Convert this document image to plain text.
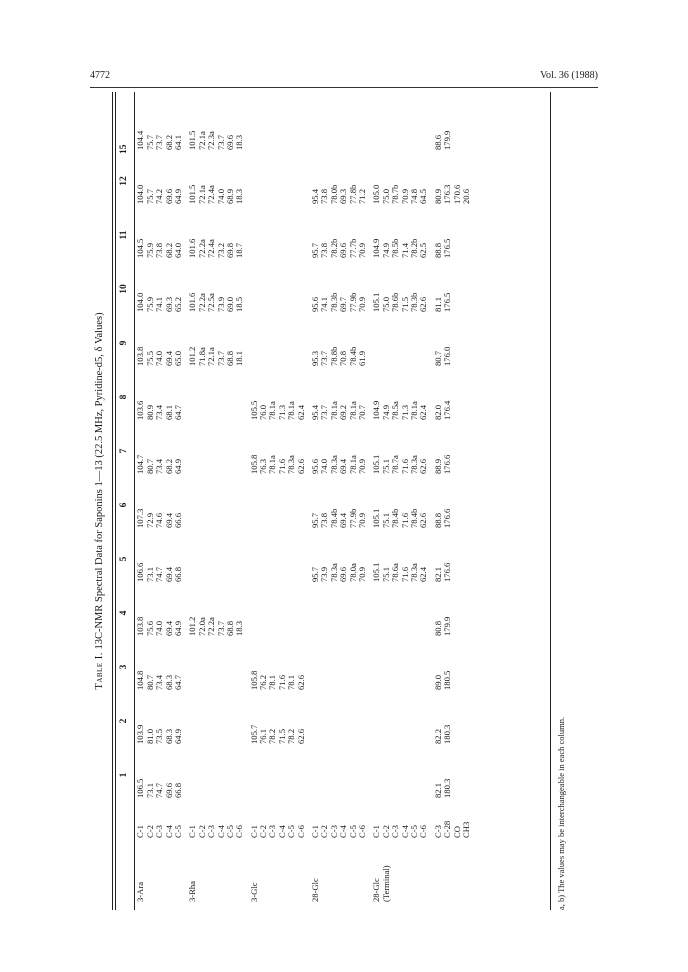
4772	Vol. 36 (1988)
Table I. 13C-NMR Spectral Data for Saponins 1—13 (22.5 MHz, Pyridine-d5, δ Values)
		1	2	3	4	5	6	7	8	9	10	11	12	15	
3-Ara	C-1	106.5	103.9	104.8	103.8	106.6	107.3	104.7	103.6	103.8	104.0	104.5	104.0	104.4	
	C-2	73.1	81.0	80.7	75.6	73.1	72.9	80.7	80.9	75.5	75.9	75.9	75.7	75.7	
	C-3	74.7	73.5	73.4	74.0	74.7	74.6	73.4	73.4	74.0	74.1	73.8	74.2	73.7	
	C-4	69.6	68.3	68.3	69.4	69.4	69.4	68.2	68.1	69.4	69.3	68.2	69.6	68.2	
	C-5	66.8	64.9	64.7	64.9	66.8	66.6	64.9	64.7	65.0	65.2	64.0	64.9	64.1	

3-Rha	C-1				101.2					101.2	101.6	101.6	101.5	101.5	
	C-2				72.0a					71.8a	72.2a	72.2a	72.1a	72.1a	
	C-3				72.2a					72.1a	72.5a	72.4a	72.4a	72.3a	
	C-4				73.7					73.7	73.9	73.2	74.0	73.7	
	C-5				68.8					68.8	69.0	69.8	68.9	69.6	
	C-6				18.3					18.1	18.5	18.7	18.3	18.3	

3-Glc	C-1		105.7	105.8				105.8	105.5						
	C-2		76.1	76.2				76.3	76.0						
	C-3		78.2	78.1				78.1a	78.1a						
	C-4		71.5	71.6				71.6	71.3						
	C-5		78.2	78.1				78.3a	78.1a						
	C-6		62.6	62.6				62.6	62.4						

28-Glc	C-1					95.7	95.7	95.6	95.4	95.3	95.6	95.7	95.4		
	C-2					73.9	73.8	74.0	73.7	73.7	74.1	73.8	73.8		
	C-3					78.3a	78.4b	78.3a	78.1a	78.8b	78.3b	78.2b	78.0b		
	C-4					69.6	69.4	69.4	69.2	70.8	69.7	69.6	69.3		
	C-5					78.0a	77.9b	78.1a	78.1a	78.4b	77.9b	77.7b	77.8b		
	C-6					70.9	70.9	70.9	70.7	61.9	70.9	70.9	71.2		

28-Glc	C-1					105.1	105.1	105.1	104.9		105.1	104.9	105.0		
(Terminal)	C-2					75.1	75.1	75.1	74.9		75.0	74.9	75.0		
	C-3					78.6a	78.4b	78.7a	78.5a		78.6b	78.5b	78.7b		
	C-4					71.6	71.6	71.6	71.3		71.5	71.4	70.9		
	C-5					78.3a	78.4b	78.3a	78.1a		78.3b	78.2b	74.8		
	C-6					62.4	62.6	62.6	62.4		62.6	62.5	64.5		

	C-3	82.1	82.2	89.0	80.8	82.1	88.8	88.9	82.0	80.7	81.1	88.8	80.9	88.6	
	C-28	180.3	180.3	180.5	179.9	176.6	176.6	176.6	176.4	176.0	176.5	176.5	176.3	179.9	
	CO												170.6		
	CH3												20.6		
a, b) The values may be interchangeable in each column.
